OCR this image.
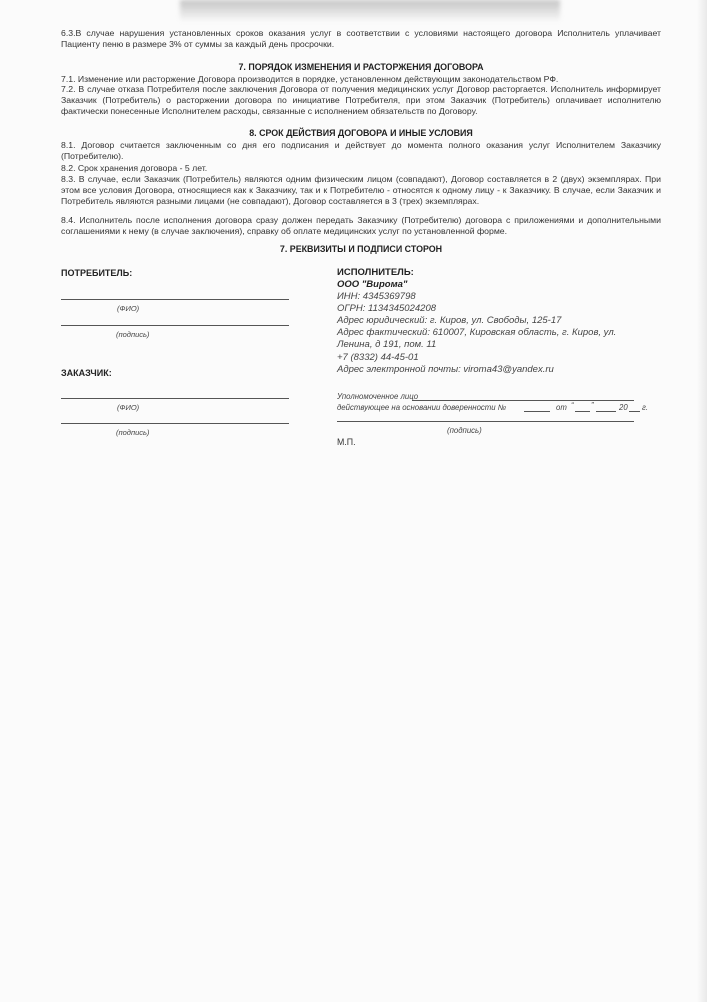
6.3.В случае нарушения установленных сроков оказания услуг в соответствии с условиями настоящего договора Исполнитель уплачивает Пациенту пеню в размере 3% от суммы за каждый день просрочки.
7. ПОРЯДОК ИЗМЕНЕНИЯ И РАСТОРЖЕНИЯ ДОГОВОРА
7.1. Изменение или расторжение Договора производится в порядке, установленном действующим законодательством РФ.
7.2. В случае отказа Потребителя после заключения Договора от получения медицинских услуг Договор расторгается. Исполнитель информирует Заказчик (Потребитель) о расторжении договора по инициативе Потребителя, при этом Заказчик (Потребитель) оплачивает исполнителю фактически понесенные Исполнителем расходы, связанные с исполнением обязательств по Договору.
8. СРОК ДЕЙСТВИЯ ДОГОВОРА И ИНЫЕ УСЛОВИЯ
8.1. Договор считается заключенным со дня его подписания и действует до момента полного оказания услуг Исполнителем Заказчику (Потребителю).
8.2. Срок хранения договора - 5 лет.
8.3. В случае, если Заказчик (Потребитель) являются одним физическим лицом (совпадают), Договор составляется в 2 (двух) экземплярах. При этом все условия Договора, относящиеся как к Заказчику, так и к Потребителю - относятся к одному лицу - к Заказчику. В случае, если Заказчик и Потребитель являются разными лицами (не совпадают), Договор составляется в 3 (трех) экземплярах.
8.4. Исполнитель после исполнения договора сразу должен передать Заказчику (Потребителю) договора с приложениями и дополнительными соглашениями к нему (в случае заключения), справку об оплате медицинских услуг по установленной форме.
7. РЕКВИЗИТЫ И ПОДПИСИ СТОРОН
ПОТРЕБИТЕЛЬ:
(ФИО)
(подпись)
ЗАКАЗЧИК:
(ФИО)
(подпись)
ИСПОЛНИТЕЛЬ:
ООО "Вирома"
ИНН: 4345369798
ОГРН: 1134345024208
Адрес юридический: г. Киров, ул. Свободы, 125-17
Адрес фактический: 610007, Кировская область, г. Киров, ул.
Ленина, д 191, пом. 11
+7 (8332) 44-45-01
Адрес электронной почты: viroma43@yandex.ru
Уполномоченное лицо
действующее на основании доверенности №	от “ ”	20 г.
(подпись)
М.П.
